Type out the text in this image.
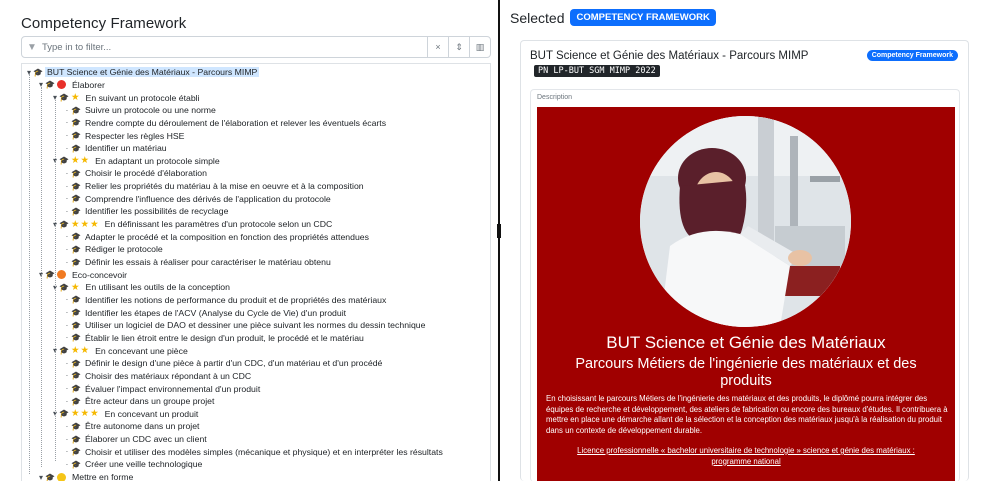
Competency Framework
▼ Type in to filter...	×	⇕	▥
▾ 🎓 BUT Science et Génie des Matériaux - Parcours MIMP
▾ 🎓 Élaborer
▾ 🎓 ★ En suivant un protocole établi
· 🎓 Suivre un protocole ou une norme
· 🎓 Rendre compte du déroulement de l'élaboration et relever les éventuels écarts
· 🎓 Respecter les règles HSE
· 🎓 Identifier un matériau
▾ 🎓 ★ ★ En adaptant un protocole simple
· 🎓 Choisir le procédé d'élaboration
· 🎓 Relier les propriétés du matériau à la mise en oeuvre et à la composition
· 🎓 Comprendre l'influence des dérivés de l'application du protocole
· 🎓 Identifier les possibilités de recyclage
▾ 🎓 ★ ★ ★ En définissant les paramètres d'un protocole selon un CDC
· 🎓 Adapter le procédé et la composition en fonction des propriétés attendues
· 🎓 Rédiger le protocole
· 🎓 Définir les essais à réaliser pour caractériser le matériau obtenu
▾ 🎓 Eco-concevoir
▾ 🎓 ★ En utilisant les outils de la conception
· 🎓 Identifier les notions de performance du produit et de propriétés des matériaux
· 🎓 Identifier les étapes de l'ACV (Analyse du Cycle de Vie) d'un produit
· 🎓 Utiliser un logiciel de DAO et dessiner une pièce suivant les normes du dessin technique
· 🎓 Établir le lien étroit entre le design d'un produit, le procédé et le matériau
▾ 🎓 ★ ★ En concevant une pièce
· 🎓 Définir le design d'une pièce à partir d'un CDC, d'un matériau et d'un procédé
· 🎓 Choisir des matériaux répondant à un CDC
· 🎓 Évaluer l'impact environnemental d'un produit
· 🎓 Être acteur dans un groupe projet
▾ 🎓 ★ ★ ★ En concevant un produit
· 🎓 Être autonome dans un projet
· 🎓 Élaborer un CDC avec un client
· 🎓 Choisir et utiliser des modèles simples (mécanique et physique) et en interpréter les résultats
· 🎓 Créer une veille technologique
▾ 🎓 Mettre en forme
Selected	COMPETENCY FRAMEWORK
BUT Science et Génie des Matériaux - Parcours MIMP	Competency Framework
PN LP-BUT SGM MIMP 2022
Description
BUT Science et Génie des Matériaux
Parcours Métiers de l'ingénierie des matériaux et des produits
En choisissant le parcours Métiers de l'ingénierie des matériaux et des produits, le diplômé pourra intégrer des équipes de recherche et développement, des ateliers de fabrication ou encore des bureaux d'études. Il contribuera à mettre en place une démarche allant de la sélection et la conception des matériaux jusqu'à la réalisation du produit dans un contexte de développement durable.
Licence professionnelle « bachelor universitaire de technologie » science et génie des matériaux : programme national
